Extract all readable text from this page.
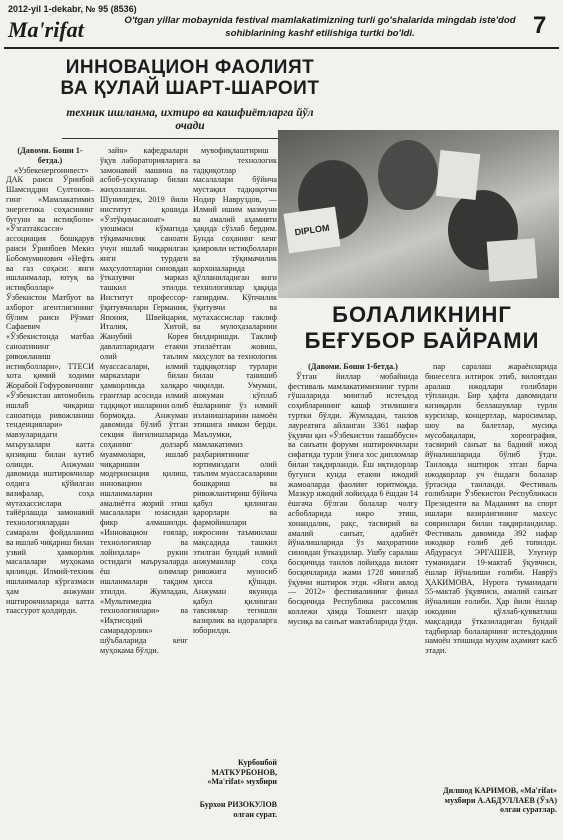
2012-yil 1-dekabr, № 95 (8536)
Ma'rifat	O'tgan yillar mobaynida festival mamlakatimizning turli go'shalarida mingdab iste'dod sohiblarining kashf etilishiga turtki bo'ldi.	7
ИННОВАЦИОН ФАОЛИЯТ ВА ҚУЛАЙ ШАРТ-ШАРОИТ
техник ишланма, ихтиро ва кашфиётларга йўл очади

(Давоми. Боши 1-бетда.)

«Узбекенергоинвест» ДАК раиси Ўринбой Шамсиддин Султонов–гинг «Мамлакатимиз энергетика соҳасининг бугуни ва истиқболи» «Ўзгазтаксасси» ассоциация бошқарув раиси Ўринбоев Мекиз Бобомуминович «Нефть ва газ соҳаси: янги ишланмалар, ютуқ ва истиқболлар» Ўзбекистон Матбуот ва ахборот агентлигининг бўлим раиси Рўзмат Сафаевич «Ўзбекистонда матбаа саноатининг ривожланиш истиқболлари», ТТЕСИ хота қимий ходими Жорабой Гофуровичнинг «Ўзбекистан автомобиль ишлаб чиқариш саноатида ривожланиш тенденциялари» мавзуларидаги маърузалари катта қизиқиш билан кутиб олинди. Анжуман давомида иштирокчилар олдига қўйилган вазифалар, соҳа мутахассислари тайёрлашда замонавий технологиялардан самарали фойдаланиш ва ишлаб чиқариш билан узвий ҳамкорлик масалалари муҳокама қилинди. Илмий-техник ишланмалар кўргазмаси ҳам анжуман иштирокчиларида катта таассурот қолдирди.

зайн» кафедралари ўқув лабораторияларига замонавий машина ва асбоб-ускуналар билан жиҳозланган. Шунингдек, 2019 йили институт қошида «Ўзтўқимасаноат» уюшмаси кўмагида тўқимачилик саноати учун ишлаб чиқарилган янги турдаги маҳсулотларни синовдан ўтказувчи марказ ташкил этилди. Институт профессор-ўқитувчилари Германия, Япония, Швейцария, Италия, Хитой, Жанубий Корея давлатларидаги етакчи олий таълим муассасалари, илмий марказлари билан ҳамкорликда халқаро грантлар асосида илмий тадқиқот ишларини олиб бормоқда. Анжуман давомида бўлиб ўтган секция йиғилишларида соҳанинг долзарб муаммолари, ишлаб чиқаришни модернизация қилиш, инновацион ишланмаларни амалиётга жорий этиш масалалари юзасидан фикр алмашилди. «Инновацион ғоялар, технологиялар ва лойиҳалар» рукни остидаги маърузаларда ёш олимлар ишланмалари тақдим этилди. Жумладан, «Мультимедиа технологиялари» ва «Иқтисодий самарадорлик» шўъбаларида кенг муҳокама бўлди.

мувофиқлаштириш ва технологик тадқиқотлар масалалари бўйича мустақил тадқиқотчи Нодир Навруздов, — Илмий ишим мазмуни ва амалий аҳамияти ҳақида сўзлаб бердим. Бунда соҳанинг кенг қамровли истиқболлари ва тўқимачилик корхоналарида қўлланиладиган янги технологиялар ҳақида гапирдим. Кўпчилик ўқитувчи ва мутахассислар таклиф ва мулоҳазаларини билдиришди. Таклиф этилаётган жовиш, маҳсулот ва технологик тадқиқотлар турлари билан танишиб чиқилди. Умуман, анжуман кўплаб ёшларнинг ўз илмий изланишларини намоён этишига имкон берди. Маълумки, мамлакатимиз раҳбариятининг юртимиздаги олий таълим муассасаларини бошқариш ва ривожлантириш бўйича қабул қилинган қарорлари ва фармойишлари ижросини таъминлаш мақсадида ташкил этилган бундай илмий анжуманлар соҳа ривожига муносиб ҳисса қўшади. Анжуман якунида қабул қилинган тавсиялар тегишли вазирлик ва идораларга юборилди.

Курбонбой МАТКУРБОНОВ, «Ma'rifat» мухбири
Бурхон РИЗОКУЛОВ олган сурат.
DIPLOM
БОЛАЛИКНИНГ БЕҒУБОР БАЙРАМИ

(Давоми. Боши 1-бетда.)

Ўтган йиллар мобайнида фестиваль мамлакатимизнинг турли гўшаларида минглаб истеъдод соҳибларининг кашф этилишига туртки бўлди. Жумладан, танлов лауреатига айланган 3361 нафар ўқувчи қиз «Ўзбекистон ташаббуси» ва санъати форуми иштирокчилари сифатида турли ўзига хос дипломлар билан тақдирланди. Ёш иқтидорлар бугунги кунда етакчи ижодий жамоаларда фаолият юритмоқда. Мазкур ижодий лойиҳада 6 ёшдан 14 ёшгача бўлган болалар чолғу асбобларида ижро этиш, хонандалик, рақс, тасвирий ва амалий санъат, адабиёт йўналишларида ўз маҳоратини синовдан ўтказдилар. Ушбу саралаш босқичида танлов лойиҳада вилоят босқичларида жами 1728 минглаб ўқувчи иштирок этди. «Янги авлод — 2012» фестивалининг финал босқичида Республика рассомлик коллежи ҳамда Тошкент шаҳар мусиқа ва санъат мактабларида ўтди.

пар саралаш жараёнларида бинеселга илтирок этиб, вилоятдан аралаш ижодлари ғолиблари тўпланди. Бир ҳафта давомидаги кизиқарли беллашувлар турли курсилар, концертлар, маросимлар, шоу ва балетлар, мусиқа мусобақалари, хореография, тасвирий санъат ва бадиий ижод йўналишларида бўлиб ўтди. Танловда иштирок этган барча ижодкорлар уч ёшдаги болалар ўртасида танланди. Фестиваль ғолиблари Ўзбекистон Республикаси Президенти ва Маданият ва спорт ишлари вазирлигининг махсус совринлари билан тақдирландилар. Фестиваль давомида 392 нафар ижодкор ғолиб деб топилди. Абдурасул ЭРГАШЕВ, Улуғнур туманидаги 19-мактаб ўқувчиси, ёшлар йўналиши ғолиби. Наврўз ҲАКИМОВА, Нурота туманидаги 55-мактаб ўқувчиси, амалий санъат йўналиши ғолиби. Ҳар йили ёшлар ижодини қўллаб-қувватлаш мақсадида ўтказиладиган бундай тадбирлар болаларнинг истеъдодини намоён этишида муҳим аҳамият касб этади.

Дилшод КАРИМОВ, «Ma'rifat» мухбири А.АБДУЛЛАЕВ (ЎзА) олган суратлар.
